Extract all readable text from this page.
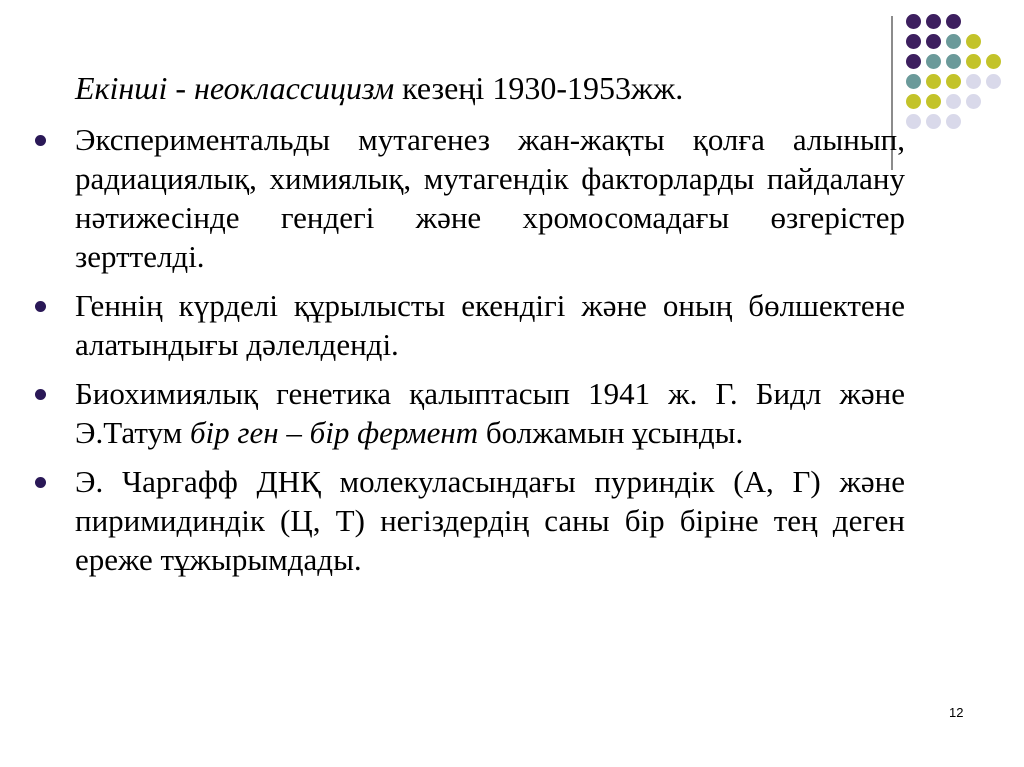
Екінші - неоклассицизм кезеңі 1930-1953жж.
Экспериментальды мутагенез жан-жақты қолға алынып, радиациялық, химиялық, мутагендік факторларды пайдалану нәтижесінде гендегі және хромосомадағы өзгерістер зерттелді.
Геннің күрделі құрылысты екендігі және оның бөлшектене алатындығы дәлелденді.
Биохимиялық генетика қалыптасып 1941 ж. Г. Бидл және Э.Татум бір ген – бір фермент болжамын ұсынды.
Э. Чаргафф ДНҚ молекуласындағы пуриндік (А, Г) және пиримидиндік (Ц, Т) негіздердің саны бір біріне тең деген ереже тұжырымдады.
12
